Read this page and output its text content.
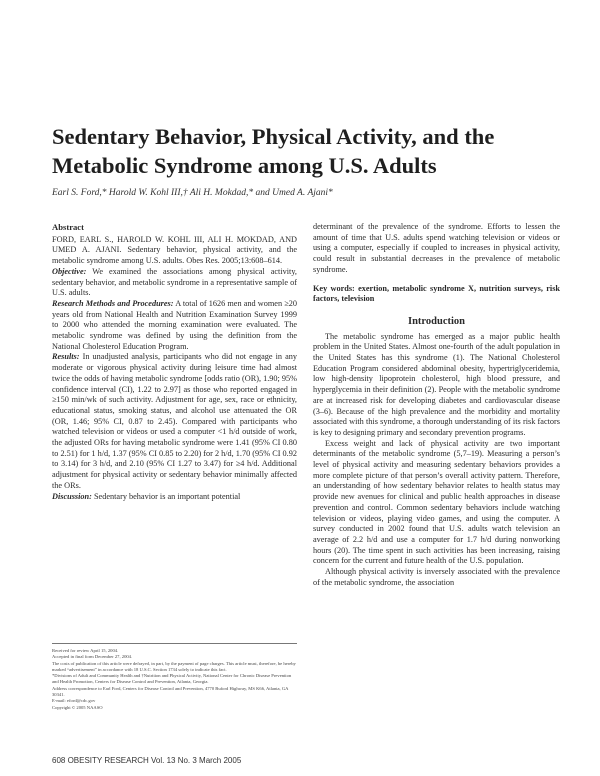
Sedentary Behavior, Physical Activity, and the Metabolic Syndrome among U.S. Adults
Earl S. Ford,* Harold W. Kohl III,† Ali H. Mokdad,* and Umed A. Ajani*

Abstract

FORD, EARL S., HAROLD W. KOHL III, ALI H. MOKDAD, AND UMED A. AJANI. Sedentary behavior, physical activity, and the metabolic syndrome among U.S. adults. Obes Res. 2005;13:608–614.

Objective: We examined the associations among physical activity, sedentary behavior, and metabolic syndrome in a representative sample of U.S. adults.

Research Methods and Procedures: A total of 1626 men and women ≥20 years old from National Health and Nutrition Examination Survey 1999 to 2000 who attended the morning examination were evaluated. The metabolic syndrome was defined by using the definition from the National Cholesterol Education Program.

Results: In unadjusted analysis, participants who did not engage in any moderate or vigorous physical activity during leisure time had almost twice the odds of having metabolic syndrome [odds ratio (OR), 1.90; 95% confidence interval (CI), 1.22 to 2.97] as those who reported engaged in ≥150 min/wk of such activity. Adjustment for age, sex, race or ethnicity, educational status, smoking status, and alcohol use attenuated the OR (OR, 1.46; 95% CI, 0.87 to 2.45). Compared with participants who watched television or videos or used a computer <1 h/d outside of work, the adjusted ORs for having metabolic syndrome were 1.41 (95% CI 0.80 to 2.51) for 1 h/d, 1.37 (95% CI 0.85 to 2.20) for 2 h/d, 1.70 (95% CI 0.92 to 3.14) for 3 h/d, and 2.10 (95% CI 1.27 to 3.47) for ≥4 h/d. Additional adjustment for physical activity or sedentary behavior minimally affected the ORs.

Discussion: Sedentary behavior is an important potential

Received for review April 15, 2004.

Accepted in final form December 27, 2004.

The costs of publication of this article were defrayed, in part, by the payment of page charges. This article must, therefore, be hereby marked “advertisement” in accordance with 18 U.S.C. Section 1734 solely to indicate this fact.

*Divisions of Adult and Community Health and †Nutrition and Physical Activity, National Center for Chronic Disease Prevention and Health Promotion, Centers for Disease Control and Prevention, Atlanta, Georgia.

Address correspondence to Earl Ford, Centers for Disease Control and Prevention, 4770 Buford Highway, MS K66, Atlanta, GA 30341.

E-mail: eford@cdc.gov

Copyright © 2005 NAASO

determinant of the prevalence of the syndrome. Efforts to lessen the amount of time that U.S. adults spend watching television or videos or using a computer, especially if coupled to increases in physical activity, could result in substantial decreases in the prevalence of metabolic syndrome.

Key words: exertion, metabolic syndrome X, nutrition surveys, risk factors, television

Introduction

The metabolic syndrome has emerged as a major public health problem in the United States. Almost one-fourth of the adult population in the United States has this syndrome (1). The National Cholesterol Education Program considered abdominal obesity, hypertriglyceridemia, low high-density lipoprotein cholesterol, high blood pressure, and hyperglycemia in their definition (2). People with the metabolic syndrome are at increased risk for developing diabetes and cardiovascular disease (3–6). Because of the high prevalence and the morbidity and mortality associated with this syndrome, a thorough understanding of its risk factors is key to designing primary and secondary prevention programs.

Excess weight and lack of physical activity are two important determinants of the metabolic syndrome (5,7–19). Measuring a person’s level of physical activity and measuring sedentary behaviors provides a more complete picture of that person’s overall activity pattern. Therefore, an understanding of how sedentary behavior relates to health status may provide new avenues for clinical and public health approaches in disease prevention and control. Common sedentary behaviors include watching television or videos, playing video games, and using the computer. A survey conducted in 2002 found that U.S. adults watch television an average of 2.2 h/d and use a computer for 1.7 h/d during nonworking hours (20). The time spent in such activities has been increasing, raising concern for the current and future health of the U.S. population.

Although physical activity is inversely associated with the prevalence of the metabolic syndrome, the association

608 OBESITY RESEARCH Vol. 13 No. 3 March 2005
